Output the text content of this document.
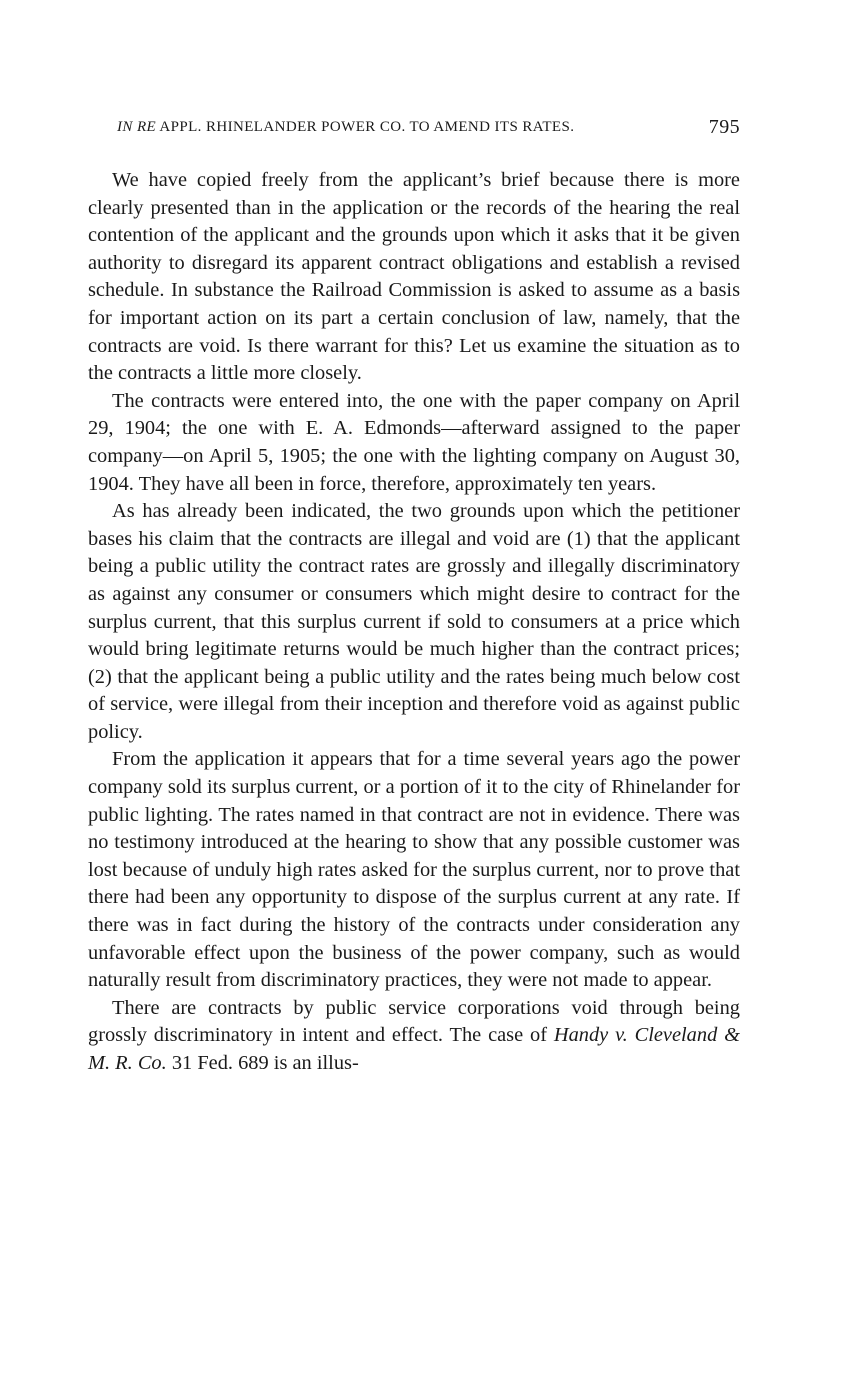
IN RE APPL. RHINELANDER POWER CO. TO AMEND ITS RATES.	795

We have copied freely from the applicant’s brief because there is more clearly presented than in the application or the records of the hearing the real contention of the applicant and the grounds upon which it asks that it be given authority to disregard its apparent contract obligations and establish a revised schedule. In substance the Railroad Commission is asked to assume as a basis for important action on its part a certain conclusion of law, namely, that the contracts are void. Is there warrant for this? Let us examine the situation as to the contracts a little more closely.

The contracts were entered into, the one with the paper company on April 29, 1904; the one with E. A. Edmonds—afterward assigned to the paper company—on April 5, 1905; the one with the lighting company on August 30, 1904. They have all been in force, therefore, approximately ten years.

As has already been indicated, the two grounds upon which the petitioner bases his claim that the contracts are illegal and void are (1) that the applicant being a public utility the contract rates are grossly and illegally discriminatory as against any consumer or consumers which might desire to contract for the surplus current, that this surplus current if sold to consumers at a price which would bring legitimate returns would be much higher than the contract prices; (2) that the applicant being a public utility and the rates being much below cost of service, were illegal from their inception and therefore void as against public policy.

From the application it appears that for a time several years ago the power company sold its surplus current, or a portion of it to the city of Rhinelander for public lighting. The rates named in that contract are not in evidence. There was no testimony introduced at the hearing to show that any possible customer was lost because of unduly high rates asked for the surplus current, nor to prove that there had been any opportunity to dispose of the surplus current at any rate. If there was in fact during the history of the contracts under consideration any unfavorable effect upon the business of the power company, such as would naturally result from discriminatory practices, they were not made to appear.

There are contracts by public service corporations void through being grossly discriminatory in intent and effect. The case of Handy v. Cleveland & M. R. Co. 31 Fed. 689 is an illus-
